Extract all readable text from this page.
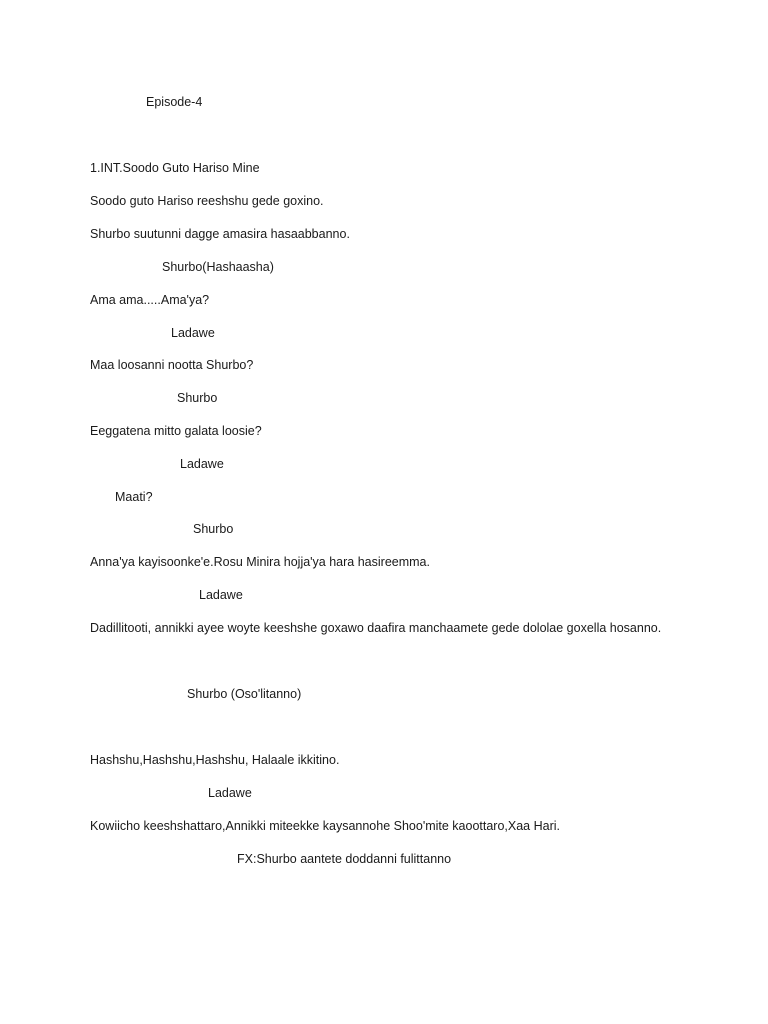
Episode-4
1.INT.Soodo Guto Hariso Mine
Soodo guto Hariso reeshshu gede goxino.
Shurbo suutunni dagge amasira hasaabbanno.
Shurbo(Hashaasha)
Ama ama.....Ama'ya?
Ladawe
Maa loosanni nootta Shurbo?
Shurbo
Eeggatena mitto galata loosie?
Ladawe
Maati?
Shurbo
Anna'ya kayisoonke'e.Rosu Minira hojja'ya hara hasireemma.
Ladawe
Dadillitooti, annikki ayee woyte keeshshe goxawo daafira manchaamete gede dololae goxella hosanno.
Shurbo (Oso'litanno)
Hashshu,Hashshu,Hashshu, Halaale ikkitino.
Ladawe
Kowiicho keeshshattaro,Annikki miteekke kaysannohe Shoo'mite kaoottaro,Xaa Hari.
FX:Shurbo aantete doddanni fulittanno
